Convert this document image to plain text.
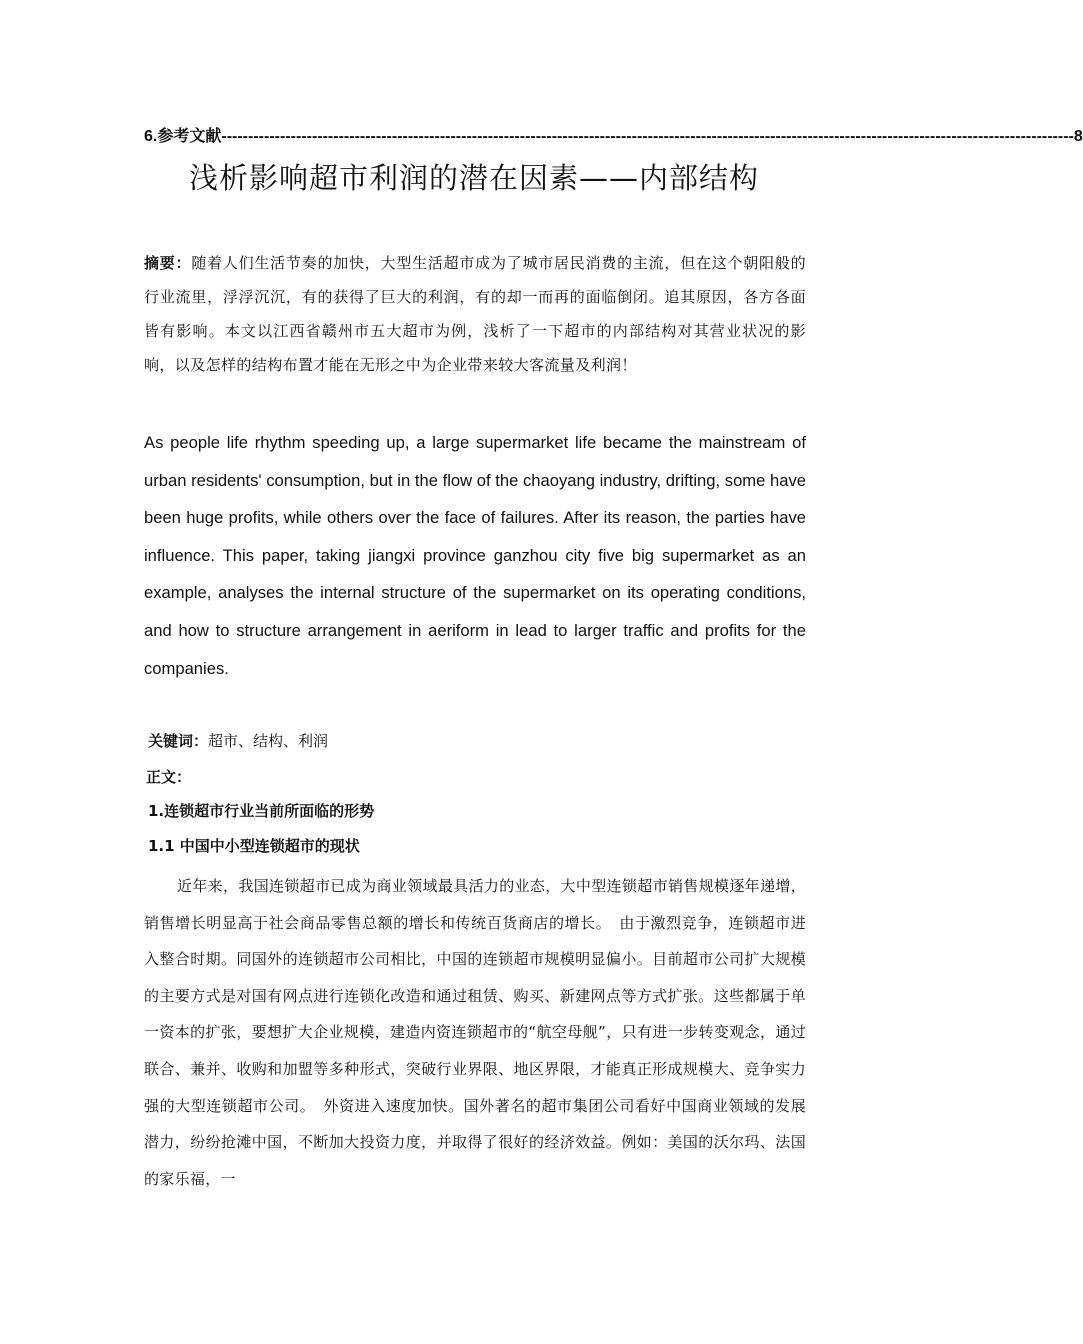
6.参考文献 ---------------------------------------------------------------------------------------------------------------------------------------------------------------- 8
浅析影响超市利润的潜在因素——内部结构
摘要：随着人们生活节奏的加快，大型生活超市成为了城市居民消费的主流，但在这个朝阳般的行业流里，浮浮沉沉，有的获得了巨大的利润，有的却一而再的面临倒闭。追其原因，各方各面皆有影响。本文以江西省赣州市五大超市为例，浅析了一下超市的内部结构对其营业状况的影响，以及怎样的结构布置才能在无形之中为企业带来较大客流量及利润！
As people life rhythm speeding up, a large supermarket life became the mainstream of urban residents' consumption, but in the flow of the chaoyang industry, drifting, some have been huge profits, while others over the face of failures. After its reason, the parties have influence. This paper, taking jiangxi province ganzhou city five big supermarket as an example, analyses the internal structure of the supermarket on its operating conditions, and how to structure arrangement in aeriform in lead to larger traffic and profits for the companies.
关键词：超市、结构、利润
正文：
1.连锁超市行业当前所面临的形势
1.1 中国中小型连锁超市的现状
近年来，我国连锁超市已成为商业领域最具活力的业态，大中型连锁超市销售规模逐年递增，销售增长明显高于社会商品零售总额的增长和传统百货商店的增长。　由于激烈竞争，连锁超市进入整合时期。同国外的连锁超市公司相比，中国的连锁超市规模明显偏小。目前超市公司扩大规模的主要方式是对国有网点进行连锁化改造和通过租赁、购买、新建网点等方式扩张。这些都属于单一资本的扩张，要想扩大企业规模，建造内资连锁超市的“航空母舰”，只有进一步转变观念，通过联合、兼并、收购和加盟等多种形式，突破行业界限、地区界限，才能真正形成规模大、竞争实力强的大型连锁超市公司。　外资进入速度加快。国外著名的超市集团公司看好中国商业领域的发展潜力，纷纷抢滩中国，不断加大投资力度，并取得了很好的经济效益。例如：美国的沃尔玛、法国的家乐福，一
